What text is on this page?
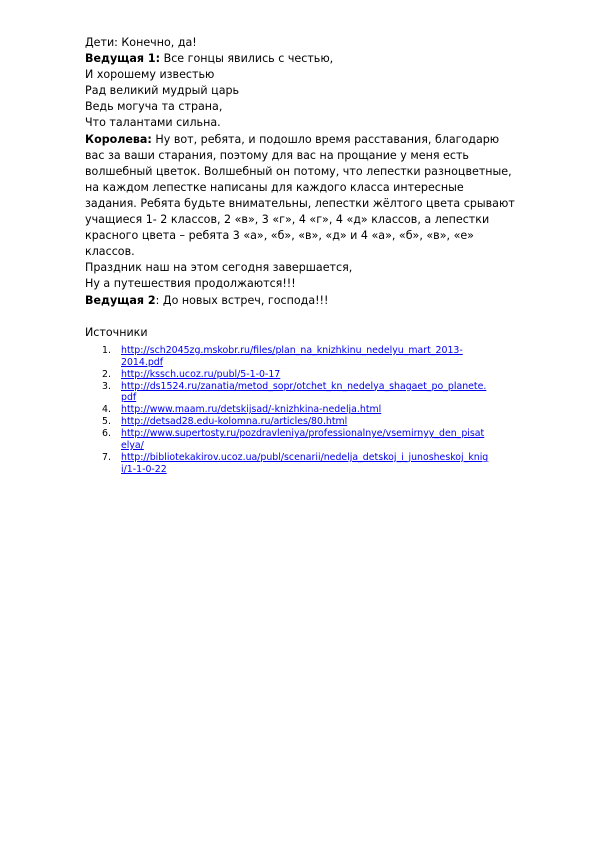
Дети: Конечно, да!
Ведущая 1: Все гонцы явились с честью,
И хорошему известью
Рад великий мудрый царь
Ведь могуча та страна,
Что талантами сильна.
Королева: Ну вот, ребята, и подошло время расставания, благодарю
вас за ваши старания, поэтому для вас на прощание у меня есть
волшебный цветок. Волшебный он потому, что лепестки разноцветные,
на каждом лепестке написаны для каждого класса интересные
задания. Ребята будьте внимательны, лепестки жёлтого цвета срывают
учащиеся 1- 2 классов, 2 «в», 3 «г», 4 «г», 4 «д» классов, а лепестки
красного цвета – ребята 3 «а», «б», «в», «д» и 4 «а», «б», «в», «е»
классов.
Праздник наш на этом сегодня завершается,
Ну а путешествия продолжаются!!!
Ведущая 2: До новых встреч, господа!!!
Источники
1. http://sch2045zg.mskobr.ru/files/plan_na_knizhkinu_nedelyu_mart_2013-
2014.pdf
2. http://kssch.ucoz.ru/publ/5-1-0-17
3. http://ds1524.ru/zanatia/metod_sopr/otchet_kn_nedelya_shagaet_po_planete.
pdf
4. http://www.maam.ru/detskijsad/-knizhkina-nedelja.html
5. http://detsad28.edu-kolomna.ru/articles/80.html
6. http://www.supertosty.ru/pozdravleniya/professionalnye/vsemirnyy_den_pisat
elya/
7. http://bibliotekakirov.ucoz.ua/publ/scenarii/nedelja_detskoj_i_junosheskoj_knig
i/1-1-0-22
